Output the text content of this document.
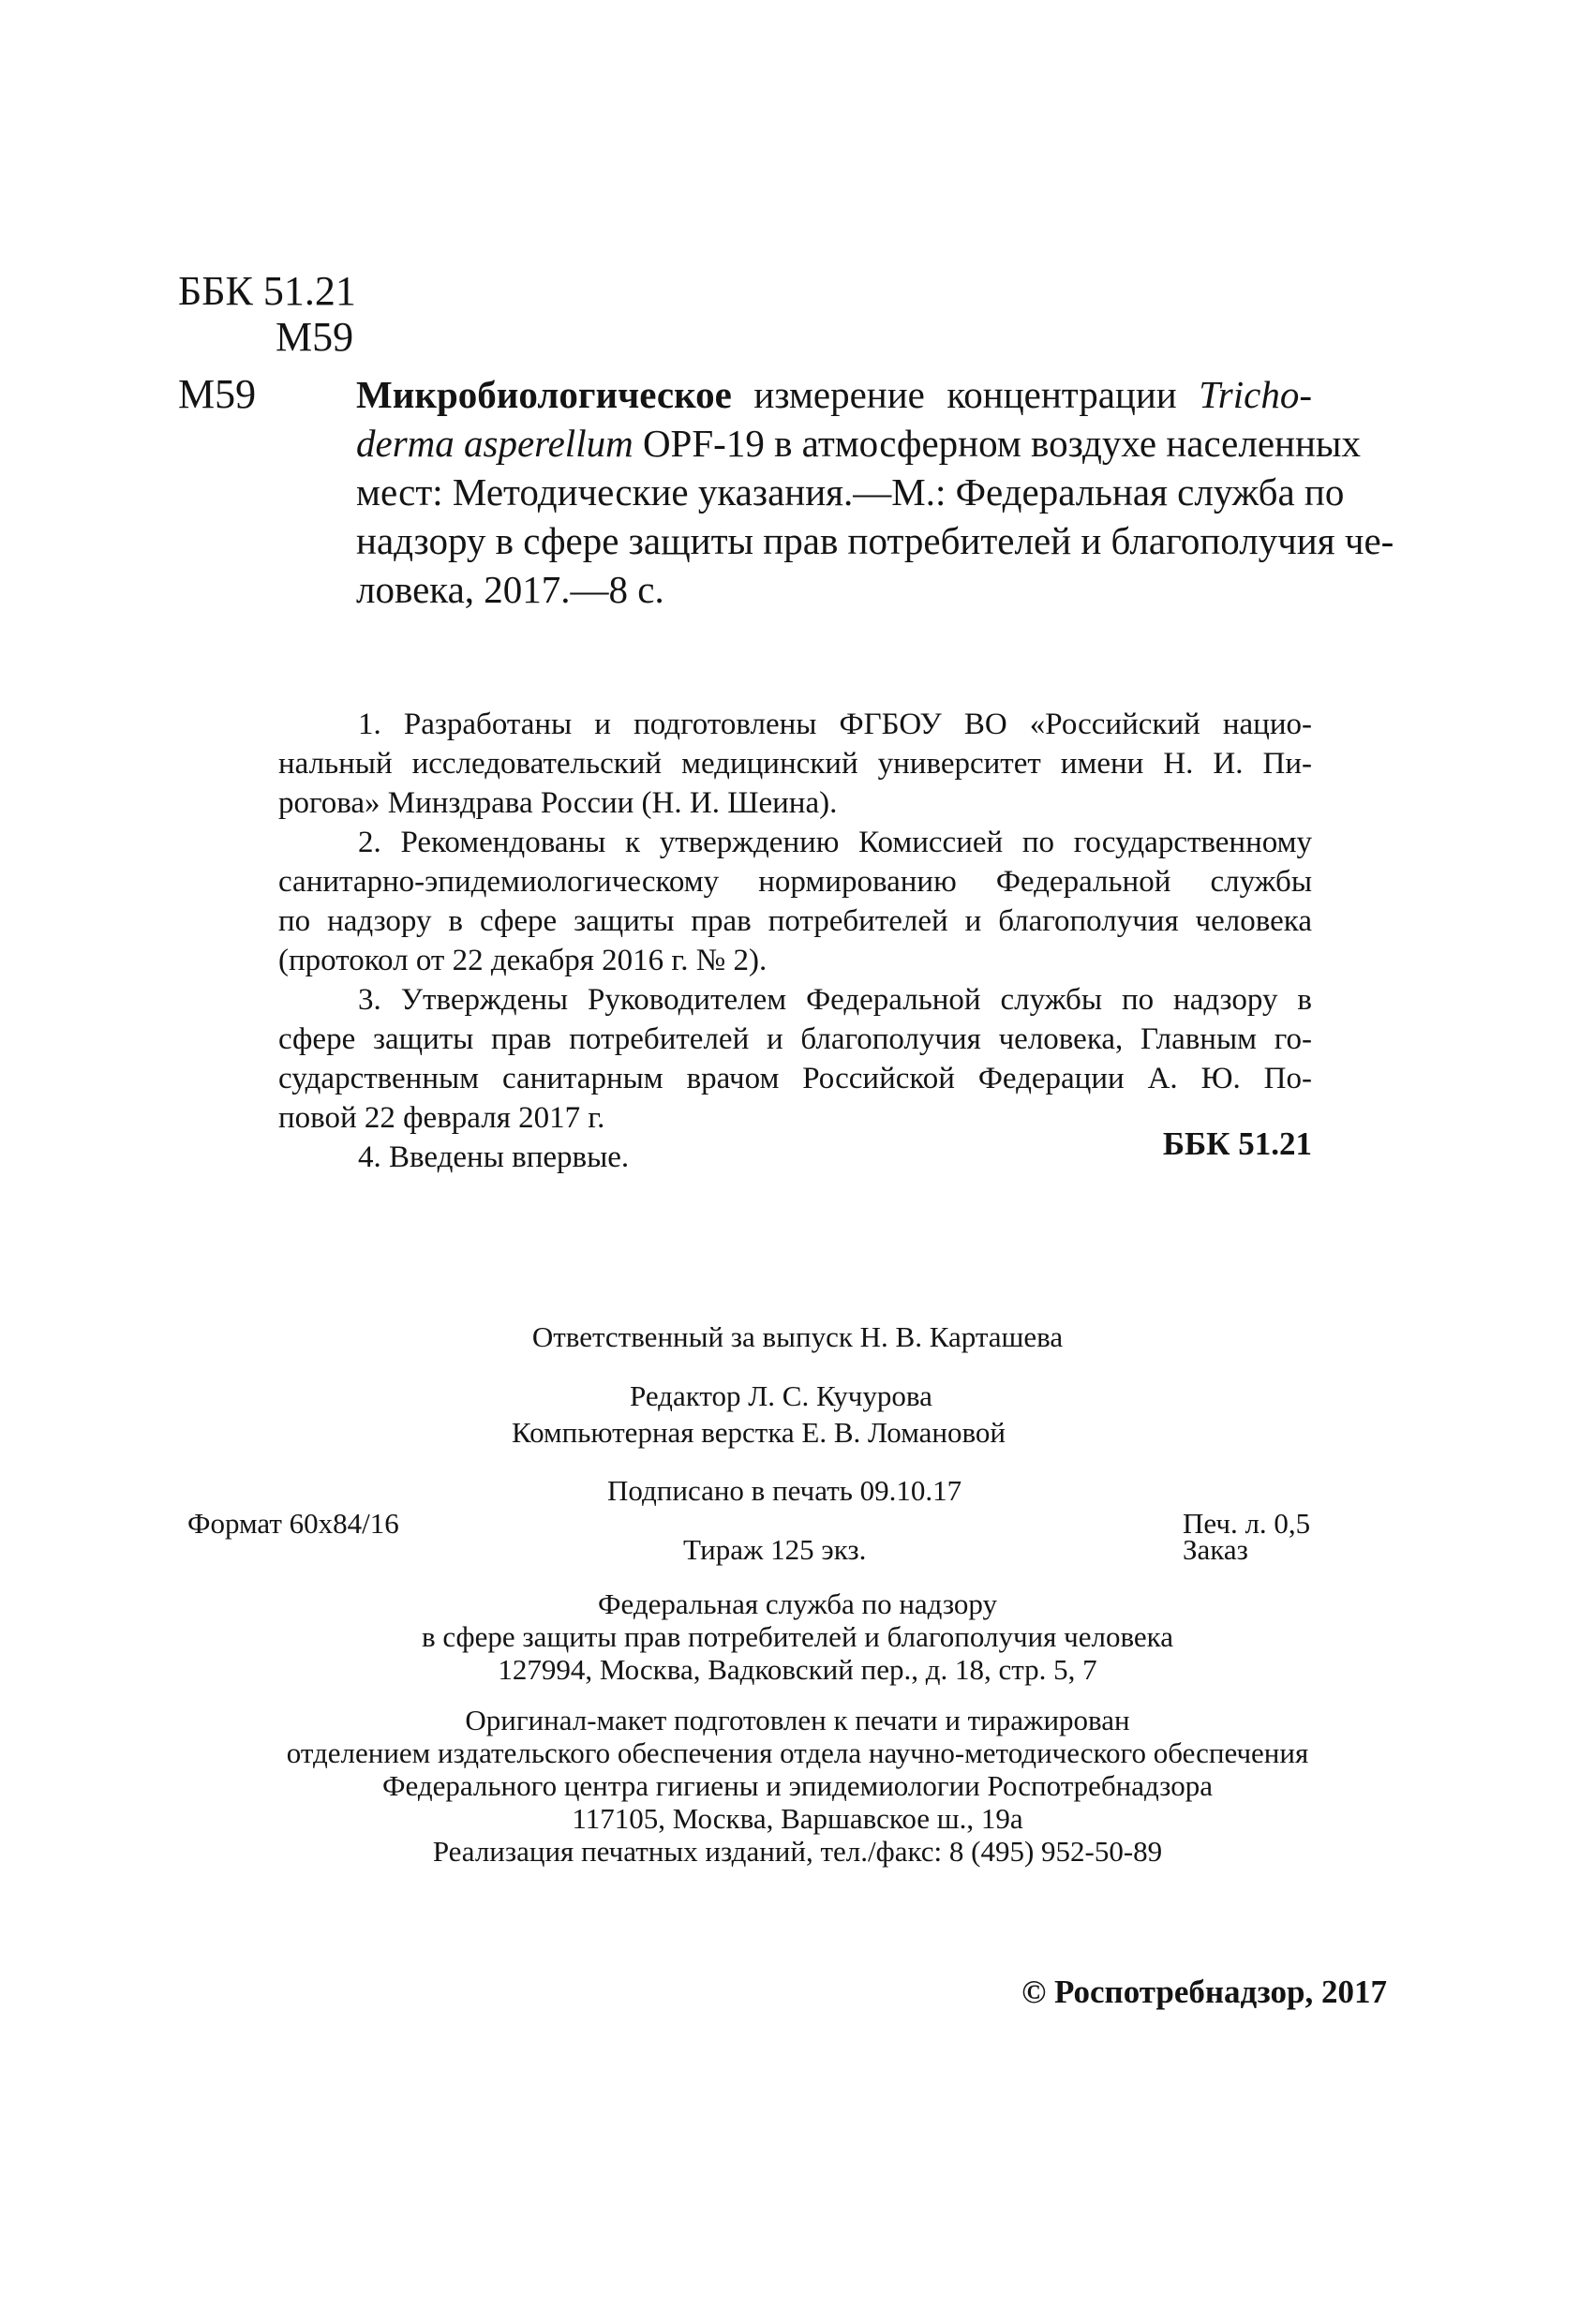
ББК 51.21
М59
М59	Микробиологическое измерение концентрации Tricho-
derma asperellum OPF-19 в атмосферном воздухе населенных
мест: Методические указания.—М.: Федеральная служба по
надзору в сфере защиты прав потребителей и благополучия че-
ловека, 2017.—8 с.
1. Разработаны и подготовлены ФГБОУ ВО «Российский нацио-
нальный исследовательский медицинский университет имени Н. И. Пи-
рогова» Минздрава России (Н. И. Шеина).
2. Рекомендованы к утверждению Комиссией по государственному
санитарно-эпидемиологическому нормированию Федеральной службы
по надзору в сфере защиты прав потребителей и благополучия человека
(протокол от 22 декабря 2016 г. № 2).
3. Утверждены Руководителем Федеральной службы по надзору в
сфере защиты прав потребителей и благополучия человека, Главным го-
сударственным санитарным врачом Российской Федерации А. Ю. По-
повой 22 февраля 2017 г.
4. Введены впервые.	ББК 51.21
Ответственный за выпуск Н. В. Карташева
Редактор Л. С. Кучурова
Компьютерная верстка Е. В. Ломановой
Подписано в печать 09.10.17
Формат 60х84/16	Печ. л. 0,5
Тираж 125 экз.	Заказ
Федеральная служба по надзору
в сфере защиты прав потребителей и благополучия человека
127994, Москва, Вадковский пер., д. 18, стр. 5, 7
Оригинал-макет подготовлен к печати и тиражирован
отделением издательского обеспечения отдела научно-методического обеспечения
Федерального центра гигиены и эпидемиологии Роспотребнадзора
117105, Москва, Варшавское ш., 19а
Реализация печатных изданий, тел./факс: 8 (495) 952-50-89
© Роспотребнадзор, 2017
